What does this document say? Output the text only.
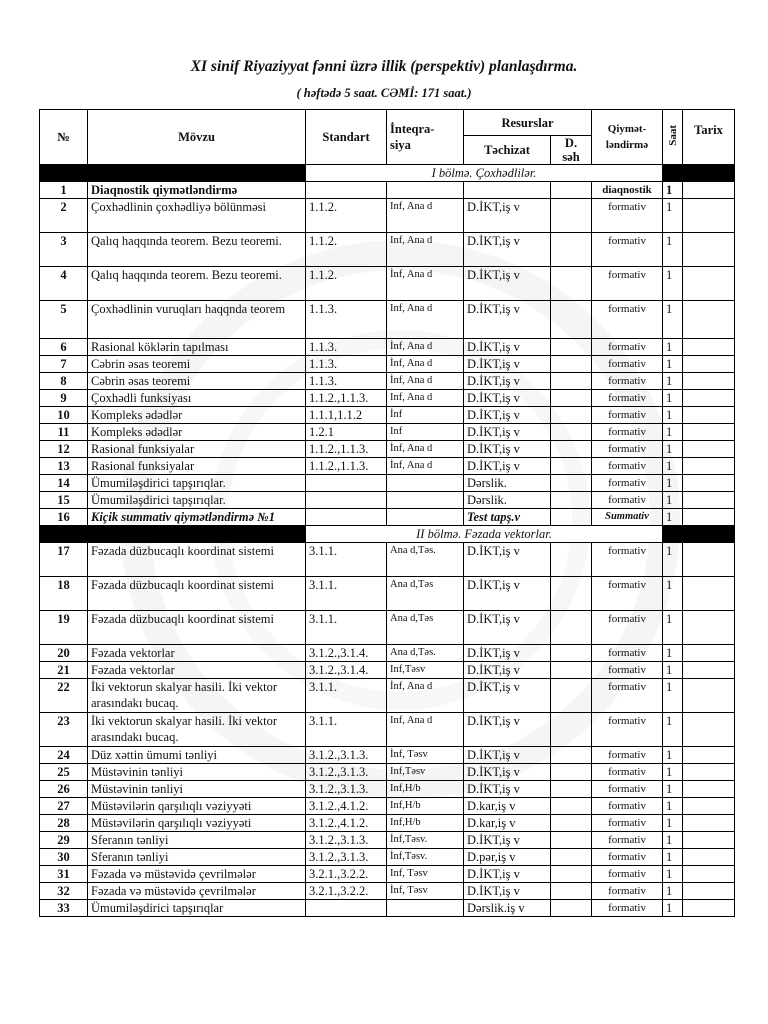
XI sinif Riyaziyyat fənni üzrə illik (perspektiv) planlaşdırma.
( həftədə 5 saat. CƏMİ: 171 saat.)
№	Mövzu	Standart	İnteqra-
siya	Resurslar		Qiymət-
ləndirmə	Saat	Tarix
				Təchizat	D.
səh			
		I bölmə. Çoxhədlilər.						
1	Diaqnostik qiymətləndirmə					diaqnostik	1	
2	Çoxhədlinin çoxhədliyə bölünməsi	1.1.2.	Inf, Ana d	D.İKT,iş v		formativ	1	
3	Qalıq haqqında teorem. Bezu teoremi.	1.1.2.	Inf, Ana d	D.İKT,iş v		formativ	1	
4	Qalıq haqqında teorem. Bezu teoremi.	1.1.2.	İnf, Ana d	D.İKT,iş v		formativ	1	
5	Çoxhədlinin vuruqları haqqnda teorem	1.1.3.	Inf, Ana d	D.İKT,iş v		formativ	1	
6	Rasional köklərin tapılması	1.1.3.	İnf, Ana d	D.İKT,iş v		formativ	1	
7	Cəbrin əsas teoremi	1.1.3.	İnf, Ana d	D.İKT,iş v		formativ	1	
8	Cəbrin əsas teoremi	1.1.3.	İnf, Ana d	D.İKT,iş v		formativ	1	
9	Çoxhədli funksiyası	1.1.2.,1.1.3.	Inf, Ana d	D.İKT,iş v		formativ	1	
10	Kompleks ədədlər	1.1.1,1.1.2	İnf	D.İKT,iş v		formativ	1	
11	Kompleks ədədlər	1.2.1	Inf	D.İKT,iş v		formativ	1	
12	Rasional funksiyalar	1.1.2.,1.1.3.	İnf, Ana d	D.İKT,iş v		formativ	1	
13	Rasional funksiyalar	1.1.2.,1.1.3.	İnf, Ana d	D.İKT,iş v		formativ	1	
14	Ümumiləşdirici tapşırıqlar.			Dərslik.		formativ	1	
15	Ümumiləşdirici tapşırıqlar.			Dərslik.		formativ	1	
16	Kiçik summativ qiymətləndirmə №1			Test tapş.v		Summativ	1	
		II bölmə. Fəzada vektorlar.						
17	Fəzada düzbucaqlı koordinat sistemi	3.1.1.	Ana d,Təs.	D.İKT,iş v		formativ	1	
18	Fəzada düzbucaqlı koordinat sistemi	3.1.1.	Ana d,Təs	D.İKT,iş v		formativ	1	
19	Fəzada düzbucaqlı koordinat sistemi	3.1.1.	Ana d,Təs	D.İKT,iş v		formativ	1	
20	Fəzada vektorlar	3.1.2.,3.1.4.	Ana d,Təs.	D.İKT,iş v		formativ	1	
21	Fəzada vektorlar	3.1.2.,3.1.4.	Inf,Təsv	D.İKT,iş v		formativ	1	
22	İki vektorun skalyar hasili. İki vektor arasındakı bucaq.	3.1.1.	İnf, Ana d	D.İKT,iş v		formativ	1	
23	İki vektorun skalyar hasili. İki vektor arasındakı bucaq.	3.1.1.	Inf, Ana d	D.İKT,iş v		formativ	1	
24	Düz xəttin ümumi tənliyi	3.1.2.,3.1.3.	İnf, Təsv	D.İKT,iş v		formativ	1	
25	Müstəvinin tənliyi	3.1.2.,3.1.3.	Inf,Təsv	D.İKT,iş v		formativ	1	
26	Müstəvinin tənliyi	3.1.2.,3.1.3.	Inf,H/b	D.İKT,iş v		formativ	1	
27	Müstəvilərin qarşılıqlı vəziyyəti	3.1.2.,4.1.2.	Inf,H/b	D.kar,iş v		formativ	1	
28	Müstəvilərin qarşılıqlı vəziyyəti	3.1.2.,4.1.2.	Inf,H/b	D.kar,iş v		formativ	1	
29	Sferanın tənliyi	3.1.2.,3.1.3.	İnf,Təsv.	D.İKT,iş v		formativ	1	
30	Sferanın tənliyi	3.1.2.,3.1.3.	İnf,Təsv.	D.pər,iş v		formativ	1	
31	Fəzada və müstəvidə çevrilmələr	3.2.1.,3.2.2.	Inf, Təsv	D.İKT,iş v		formativ	1	
32	Fəzada və müstəvidə çevrilmələr	3.2.1.,3.2.2.	İnf, Təsv	D.İKT,iş v		formativ	1	
33	Ümumiləşdirici tapşırıqlar			Dərslik.iş v		formativ	1	
